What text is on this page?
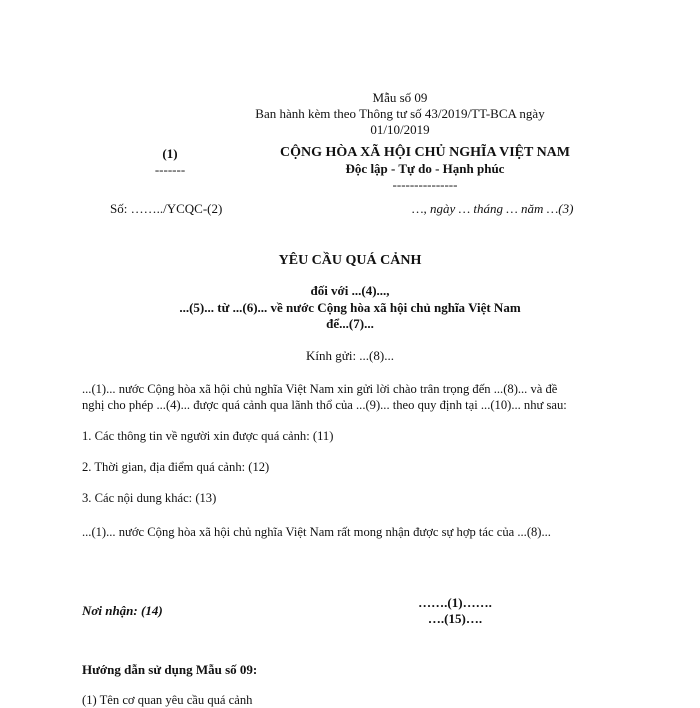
Mẫu số 09
Ban hành kèm theo Thông tư số 43/2019/TT-BCA ngày
01/10/2019
(1)
-------
CỘNG HÒA XÃ HỘI CHỦ NGHĨA VIỆT NAM
Độc lập - Tự do - Hạnh phúc
---------------
Số: ……../YCQC-(2)	…, ngày … tháng … năm …(3)
YÊU CẦU QUÁ CẢNH
đối với ...(4)...,
...(5)... từ ...(6)... về nước Cộng hòa xã hội chủ nghĩa Việt Nam
để...(7)...
Kính gửi: ...(8)...
...(1)... nước Cộng hòa xã hội chủ nghĩa Việt Nam xin gửi lời chào trân trọng đến ...(8)... và đề
nghị cho phép ...(4)... được quá cảnh qua lãnh thổ của ...(9)... theo quy định tại ...(10)... như sau:
1. Các thông tin về người xin được quá cảnh: (11)
2. Thời gian, địa điểm quá cảnh: (12)
3. Các nội dung khác: (13)
...(1)... nước Cộng hòa xã hội chủ nghĩa Việt Nam rất mong nhận được sự hợp tác của ...(8)...
Nơi nhận: (14)
…….(1)…….
….(15)….
Hướng dẫn sử dụng Mẫu số 09:
(1) Tên cơ quan yêu cầu quá cảnh
